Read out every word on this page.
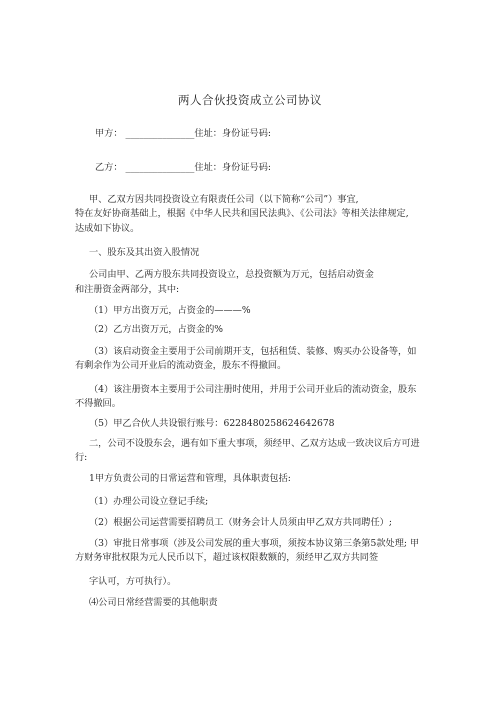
两人合伙投资成立公司协议
甲方： _______________住址：身份证号码:
乙方： _______________住址：身份证号码:
甲、乙双方因共同投资设立有限责任公司（以下简称“公司”）事宜,
特在友好协商基础上，根据《中华人民共和国民法典》、《公司法》等相关法律规定,
达成如下协议。
一、股东及其出资入股情况
公司由甲、乙两方股东共同投资设立，总投资额为万元，包括启动资金
和注册资金两部分，其中:
（1）甲方出资万元，占资金的———%
（2）乙方出资万元，占资金的%
（3）该启动资金主要用于公司前期开支，包括租赁、装修、购买办公设备等，如
有剩余作为公司开业后的流动资金，股东不得撤回。
（4）该注册资本主要用于公司注册时使用，并用于公司开业后的流动资金，股东
不得撤回。
（5）甲乙合伙人共设银行账号：6228480258624642678
二，公司不设股东会，遇有如下重大事项，须经甲、乙双方达成一致决议后方可进
行:
1甲方负责公司的日常运营和管理，具体职责包括:
（1）办理公司设立登记手续;
（2）根据公司运营需要招聘员工（财务会计人员须由甲乙双方共同聘任）;
（3）审批日常事项（涉及公司发展的重大事项，须按本协议第三条第5款处理; 甲
方财务审批权限为元人民币以下，超过该权限数额的，须经甲乙双方共同签
字认可，方可执行）。
⑷公司日常经营需要的其他职责
